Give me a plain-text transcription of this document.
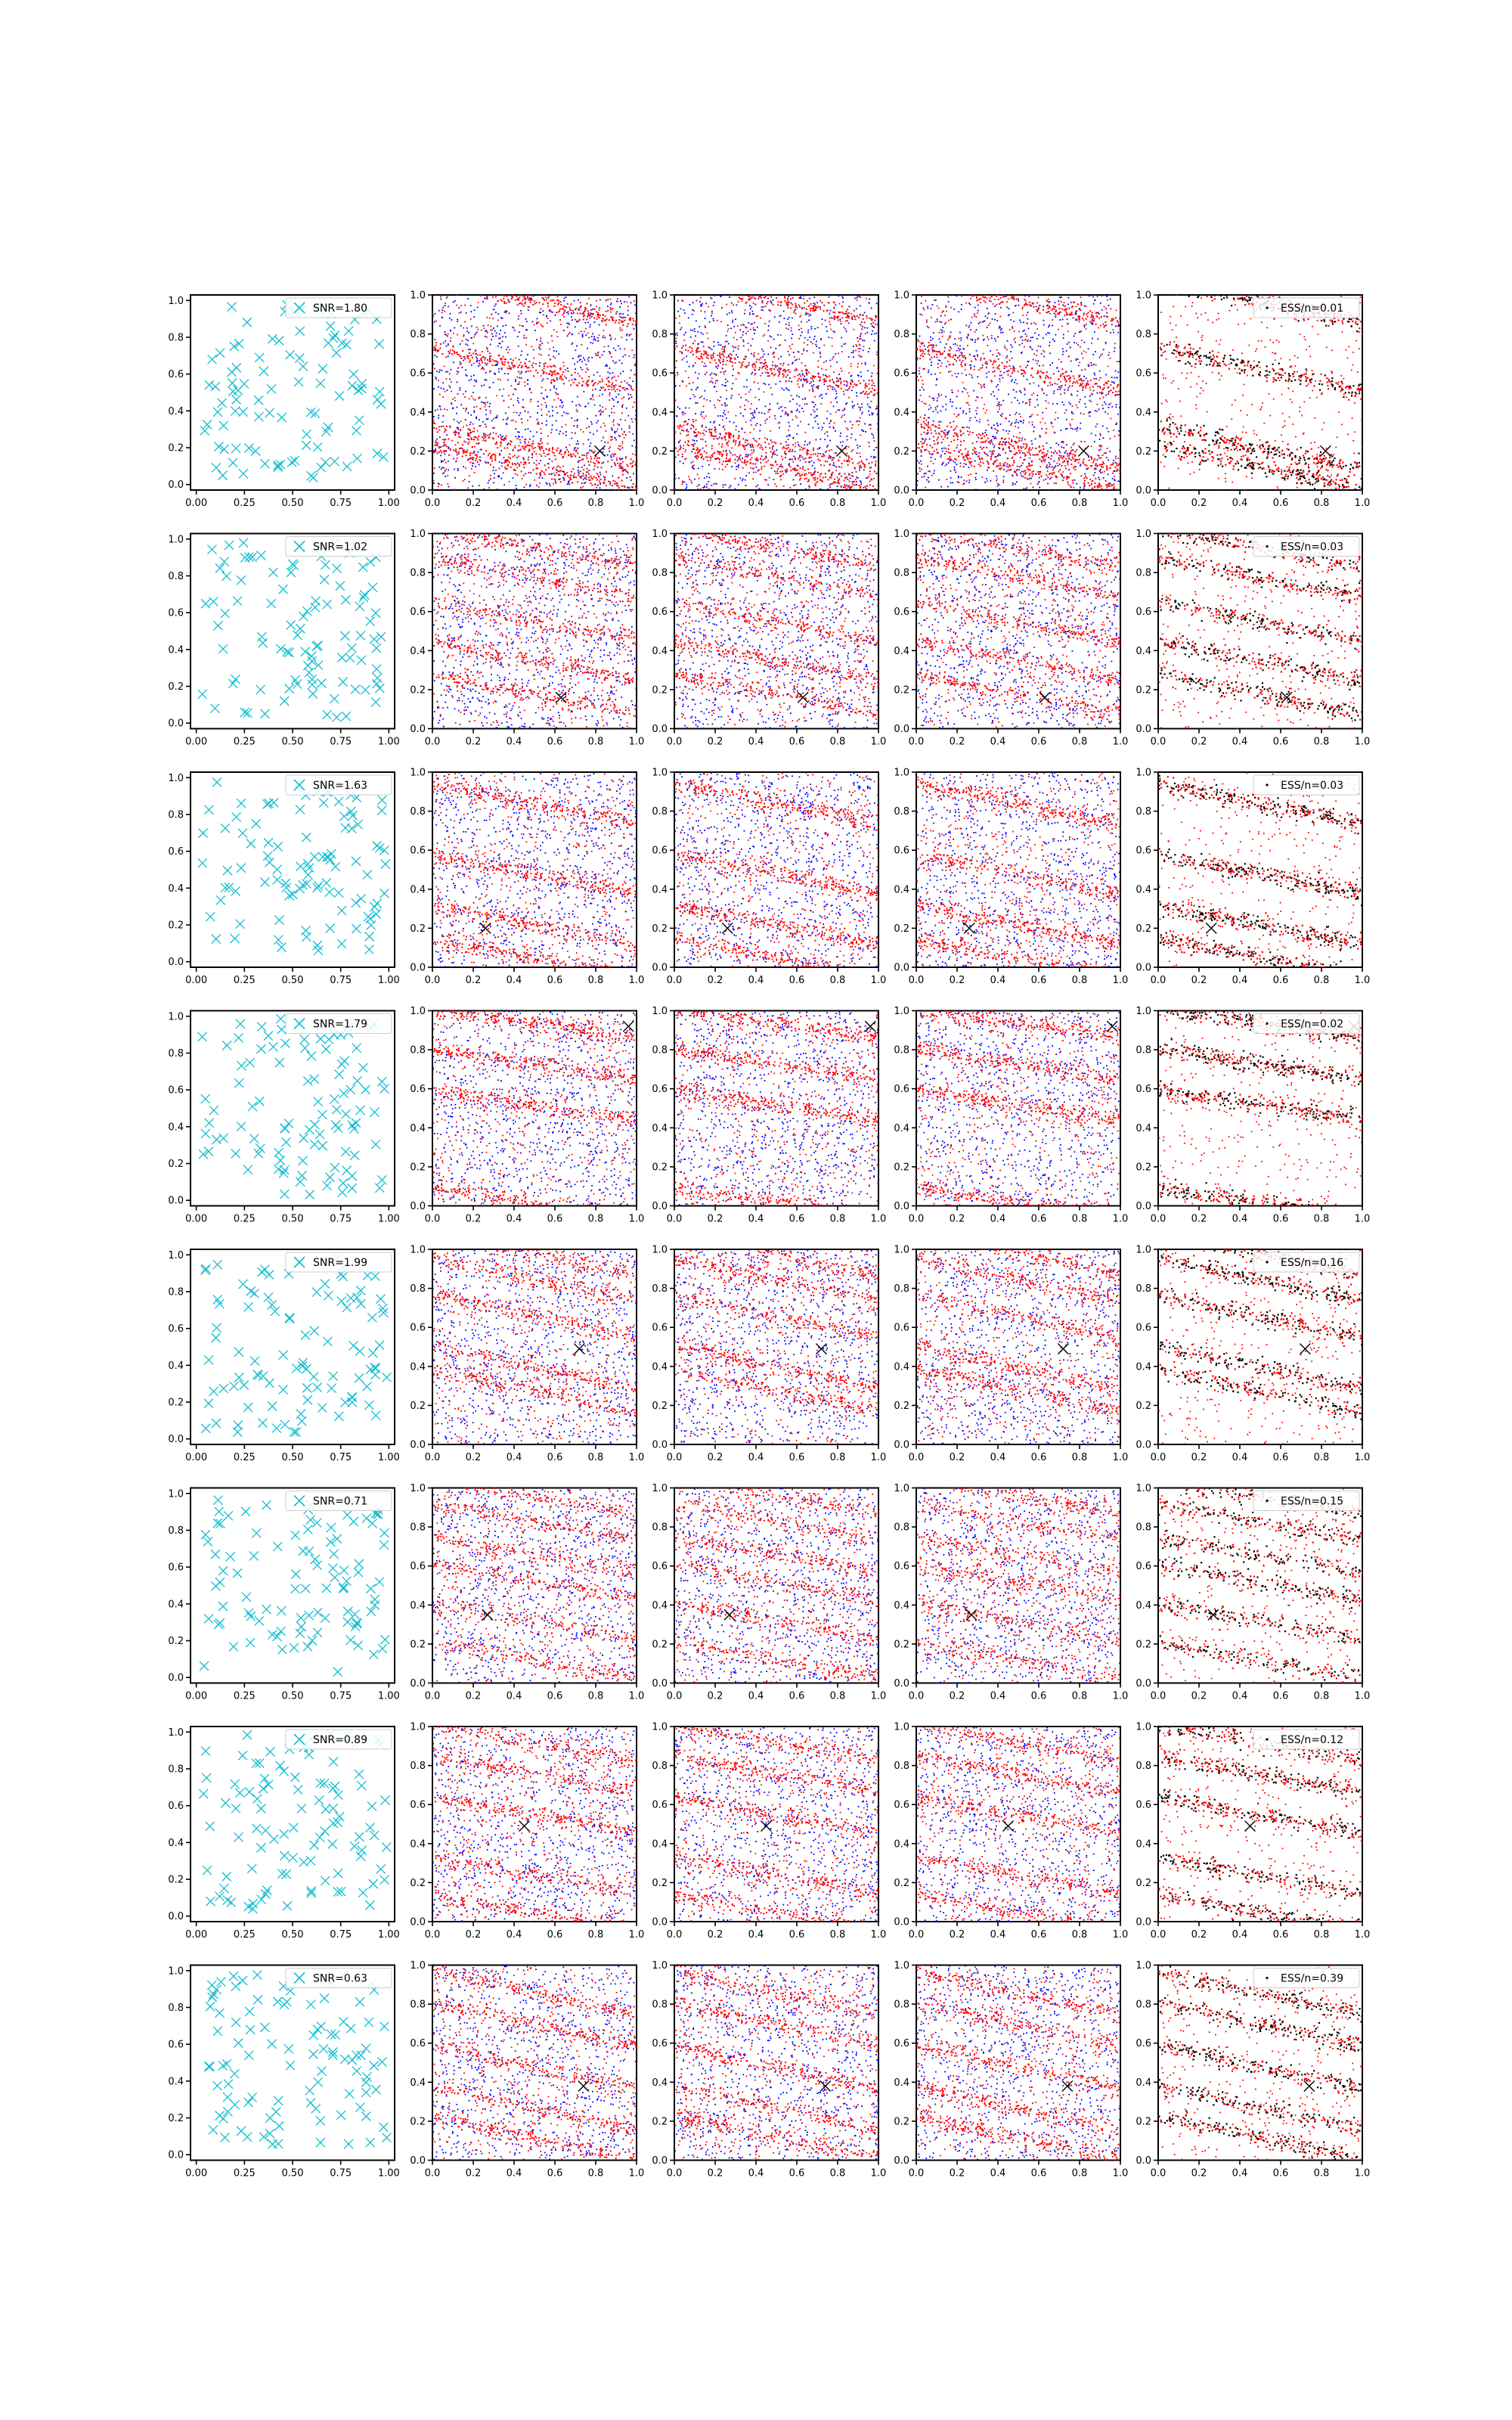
0.00	0.25	0.50	0.75	1.00
0.0
0.2
0.4
0.6
0.8
1.0
SNR=1.80
0.0	0.2	0.4	0.6	0.8	1.0
0.0
0.2
0.4
0.6
0.8
1.0
0.0	0.2	0.4	0.6	0.8	1.0
0.0
0.2
0.4
0.6
0.8
1.0
0.0	0.2	0.4	0.6	0.8	1.0
0.0
0.2
0.4
0.6
0.8
1.0
0.0	0.2	0.4	0.6	0.8	1.0
0.0
0.2
0.4
0.6
0.8
1.0
ESS/n=0.01
0.00	0.25	0.50	0.75	1.00
0.0
0.2
0.4
0.6
0.8
1.0
SNR=1.02
0.0	0.2	0.4	0.6	0.8	1.0
0.0
0.2
0.4
0.6
0.8
1.0
0.0	0.2	0.4	0.6	0.8	1.0
0.0
0.2
0.4
0.6
0.8
1.0
0.0	0.2	0.4	0.6	0.8	1.0
0.0
0.2
0.4
0.6
0.8
1.0
0.0	0.2	0.4	0.6	0.8	1.0
0.0
0.2
0.4
0.6
0.8
1.0
ESS/n=0.03
0.00	0.25	0.50	0.75	1.00
0.0
0.2
0.4
0.6
0.8
1.0
SNR=1.63
0.0	0.2	0.4	0.6	0.8	1.0
0.0
0.2
0.4
0.6
0.8
1.0
0.0	0.2	0.4	0.6	0.8	1.0
0.0
0.2
0.4
0.6
0.8
1.0
0.0	0.2	0.4	0.6	0.8	1.0
0.0
0.2
0.4
0.6
0.8
1.0
0.0	0.2	0.4	0.6	0.8	1.0
0.0
0.2
0.4
0.6
0.8
1.0
ESS/n=0.03
0.00	0.25	0.50	0.75	1.00
0.0
0.2
0.4
0.6
0.8
1.0
SNR=1.79
0.0	0.2	0.4	0.6	0.8	1.0
0.0
0.2
0.4
0.6
0.8
1.0
0.0	0.2	0.4	0.6	0.8	1.0
0.0
0.2
0.4
0.6
0.8
1.0
0.0	0.2	0.4	0.6	0.8	1.0
0.0
0.2
0.4
0.6
0.8
1.0
0.0	0.2	0.4	0.6	0.8	1.0
0.0
0.2
0.4
0.6
0.8
1.0
ESS/n=0.02
0.00	0.25	0.50	0.75	1.00
0.0
0.2
0.4
0.6
0.8
1.0
SNR=1.99
0.0	0.2	0.4	0.6	0.8	1.0
0.0
0.2
0.4
0.6
0.8
1.0
0.0	0.2	0.4	0.6	0.8	1.0
0.0
0.2
0.4
0.6
0.8
1.0
0.0	0.2	0.4	0.6	0.8	1.0
0.0
0.2
0.4
0.6
0.8
1.0
0.0	0.2	0.4	0.6	0.8	1.0
0.0
0.2
0.4
0.6
0.8
1.0
ESS/n=0.16
0.00	0.25	0.50	0.75	1.00
0.0
0.2
0.4
0.6
0.8
1.0
SNR=0.71
0.0	0.2	0.4	0.6	0.8	1.0
0.0
0.2
0.4
0.6
0.8
1.0
0.0	0.2	0.4	0.6	0.8	1.0
0.0
0.2
0.4
0.6
0.8
1.0
0.0	0.2	0.4	0.6	0.8	1.0
0.0
0.2
0.4
0.6
0.8
1.0
0.0	0.2	0.4	0.6	0.8	1.0
0.0
0.2
0.4
0.6
0.8
1.0
ESS/n=0.15
0.00	0.25	0.50	0.75	1.00
0.0
0.2
0.4
0.6
0.8
1.0
SNR=0.89
0.0	0.2	0.4	0.6	0.8	1.0
0.0
0.2
0.4
0.6
0.8
1.0
0.0	0.2	0.4	0.6	0.8	1.0
0.0
0.2
0.4
0.6
0.8
1.0
0.0	0.2	0.4	0.6	0.8	1.0
0.0
0.2
0.4
0.6
0.8
1.0
0.0	0.2	0.4	0.6	0.8	1.0
0.0
0.2
0.4
0.6
0.8
1.0
ESS/n=0.12
0.00	0.25	0.50	0.75	1.00
0.0
0.2
0.4
0.6
0.8
1.0
SNR=0.63
0.0	0.2	0.4	0.6	0.8	1.0
0.0
0.2
0.4
0.6
0.8
1.0
0.0	0.2	0.4	0.6	0.8	1.0
0.0
0.2
0.4
0.6
0.8
1.0
0.0	0.2	0.4	0.6	0.8	1.0
0.0
0.2
0.4
0.6
0.8
1.0
0.0	0.2	0.4	0.6	0.8	1.0
0.0
0.2
0.4
0.6
0.8
1.0
ESS/n=0.39
